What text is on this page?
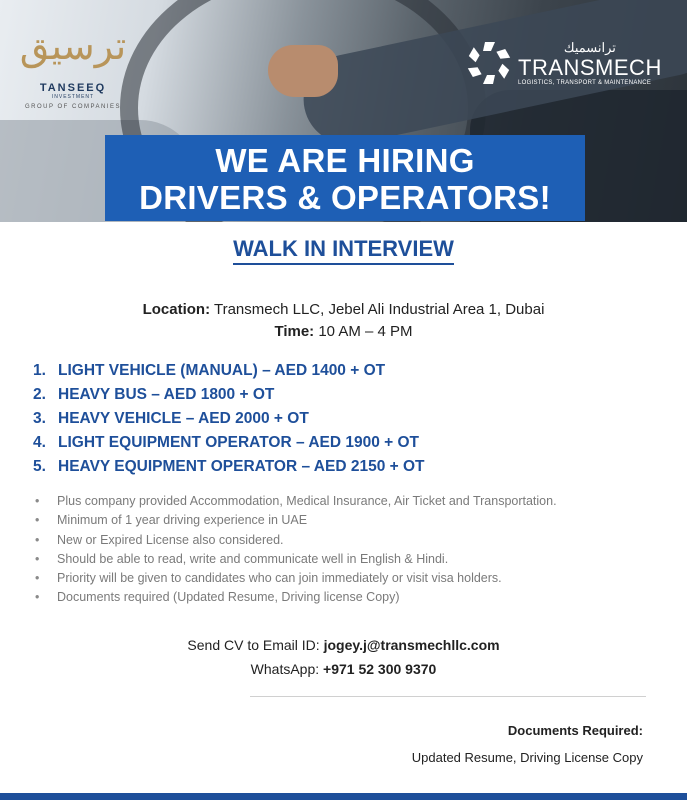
ترسيق
TANSEEQ
INVESTMENT
GROUP OF COMPANIES
ترانسميك
TRANSMECH
LOGISTICS, TRANSPORT & MAINTENANCE
WE ARE HIRING
DRIVERS & OPERATORS!
WALK IN INTERVIEW
Location: Transmech LLC, Jebel Ali Industrial Area 1, Dubai
Time: 10 AM – 4 PM
1. LIGHT VEHICLE (MANUAL) – AED 1400 + OT
2. HEAVY BUS – AED 1800 + OT
3. HEAVY VEHICLE – AED 2000 + OT
4. LIGHT EQUIPMENT OPERATOR – AED 1900 + OT
5. HEAVY EQUIPMENT OPERATOR – AED 2150 + OT
• Plus company provided Accommodation, Medical Insurance, Air Ticket and Transportation.
• Minimum of 1 year driving experience in UAE
• New or Expired License also considered.
• Should be able to read, write and communicate well in English & Hindi.
• Priority will be given to candidates who can join immediately or visit visa holders.
• Documents required (Updated Resume, Driving license Copy)
Send CV to Email ID: jogey.j@transmechllc.com
WhatsApp: +971 52 300 9370
Documents Required:
Updated Resume, Driving License Copy
